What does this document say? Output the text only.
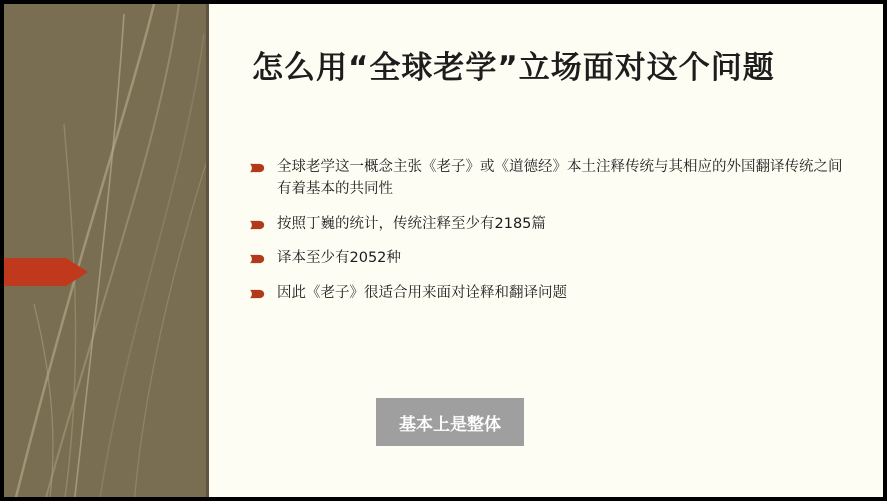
怎么用“全球老学”立场面对这个问题
全球老学这一概念主张《老子》或《道德经》本土注释传统与其相应的外国翻译传统之间有着基本的共同性
按照丁巍的统计，传统注释至少有2185篇
译本至少有2052种
因此《老子》很适合用来面对诠释和翻译问题
基本上是整体
